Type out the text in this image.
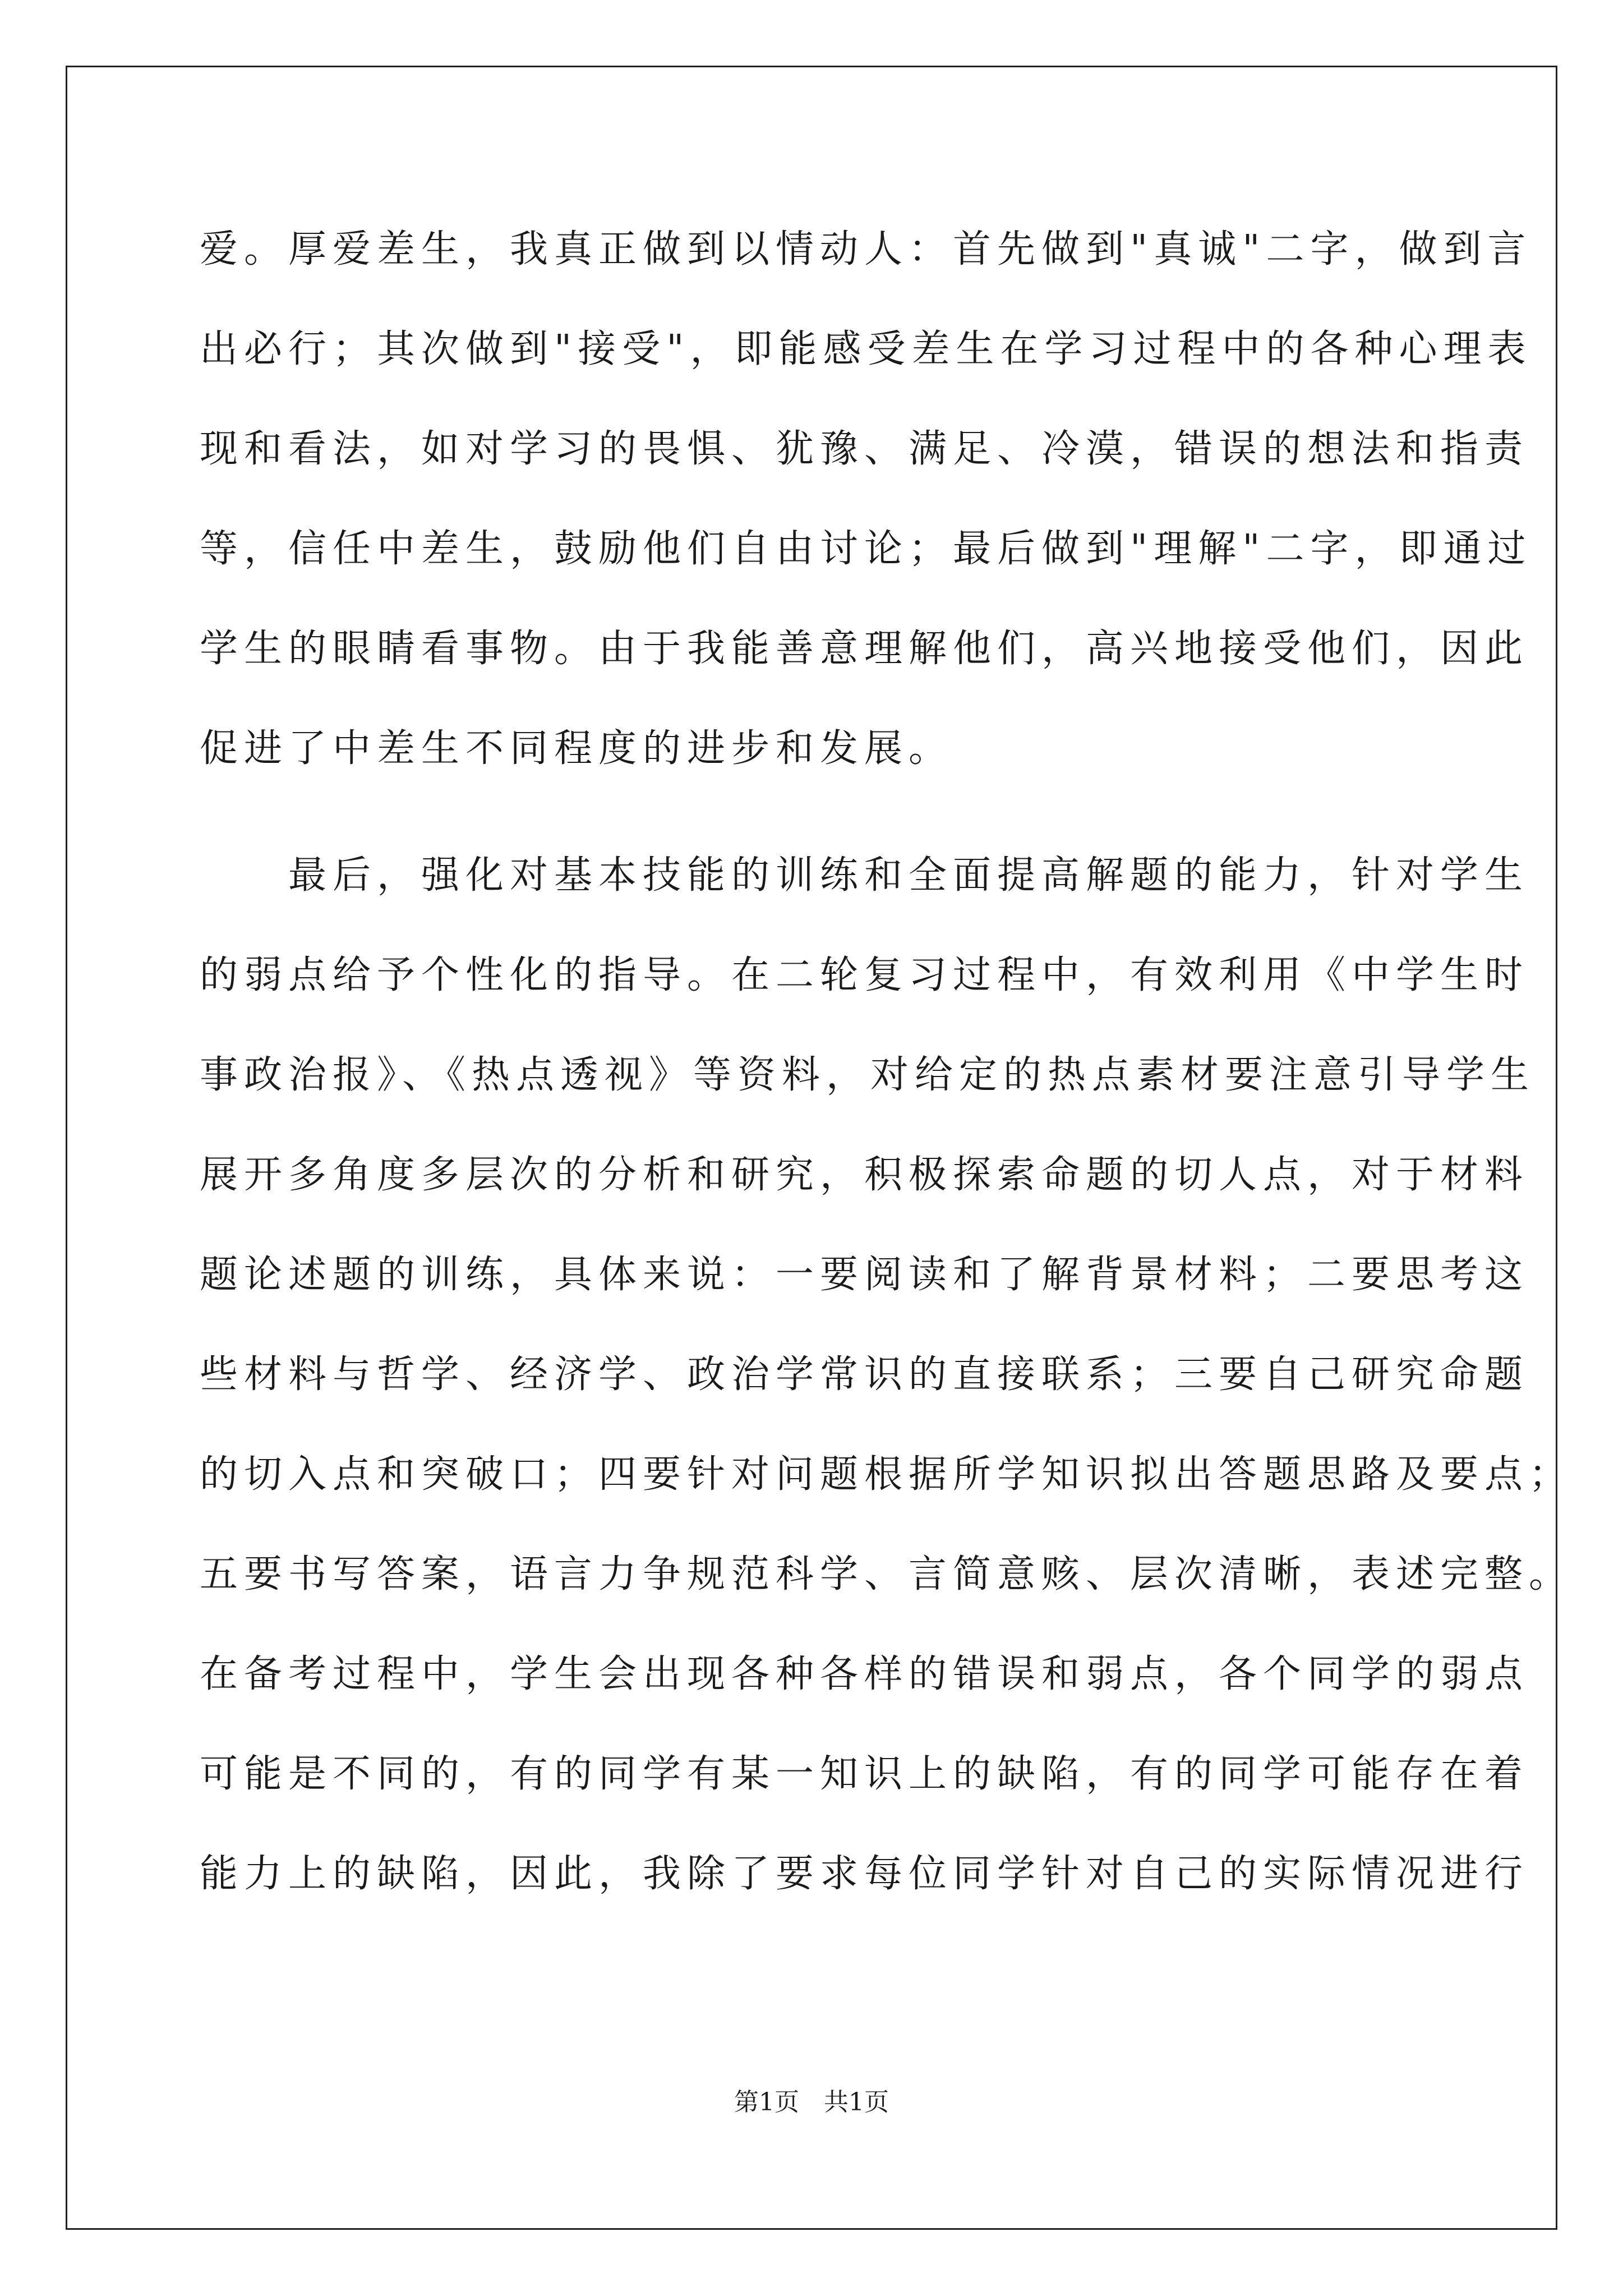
爱。厚爱差生，我真正做到以情动人：首先做到"真诚"二字，做到言
出必行；其次做到"接受"，即能感受差生在学习过程中的各种心理表
现和看法，如对学习的畏惧、犹豫、满足、冷漠，错误的想法和指责
等，信任中差生，鼓励他们自由讨论；最后做到"理解"二字，即通过
学生的眼睛看事物。由于我能善意理解他们，高兴地接受他们，因此
促进了中差生不同程度的进步和发展。
　　最后，强化对基本技能的训练和全面提高解题的能力，针对学生
的弱点给予个性化的指导。在二轮复习过程中，有效利用《中学生时
事政治报》、《热点透视》等资料，对给定的热点素材要注意引导学生
展开多角度多层次的分析和研究，积极探索命题的切人点，对于材料
题论述题的训练，具体来说：一要阅读和了解背景材料；二要思考这
些材料与哲学、经济学、政治学常识的直接联系；三要自己研究命题
的切入点和突破口；四要针对问题根据所学知识拟出答题思路及要点；
五要书写答案，语言力争规范科学、言简意赅、层次清晰，表述完整。
在备考过程中，学生会出现各种各样的错误和弱点，各个同学的弱点
可能是不同的，有的同学有某一知识上的缺陷，有的同学可能存在着
能力上的缺陷，因此，我除了要求每位同学针对自己的实际情况进行
第1页　共1页
